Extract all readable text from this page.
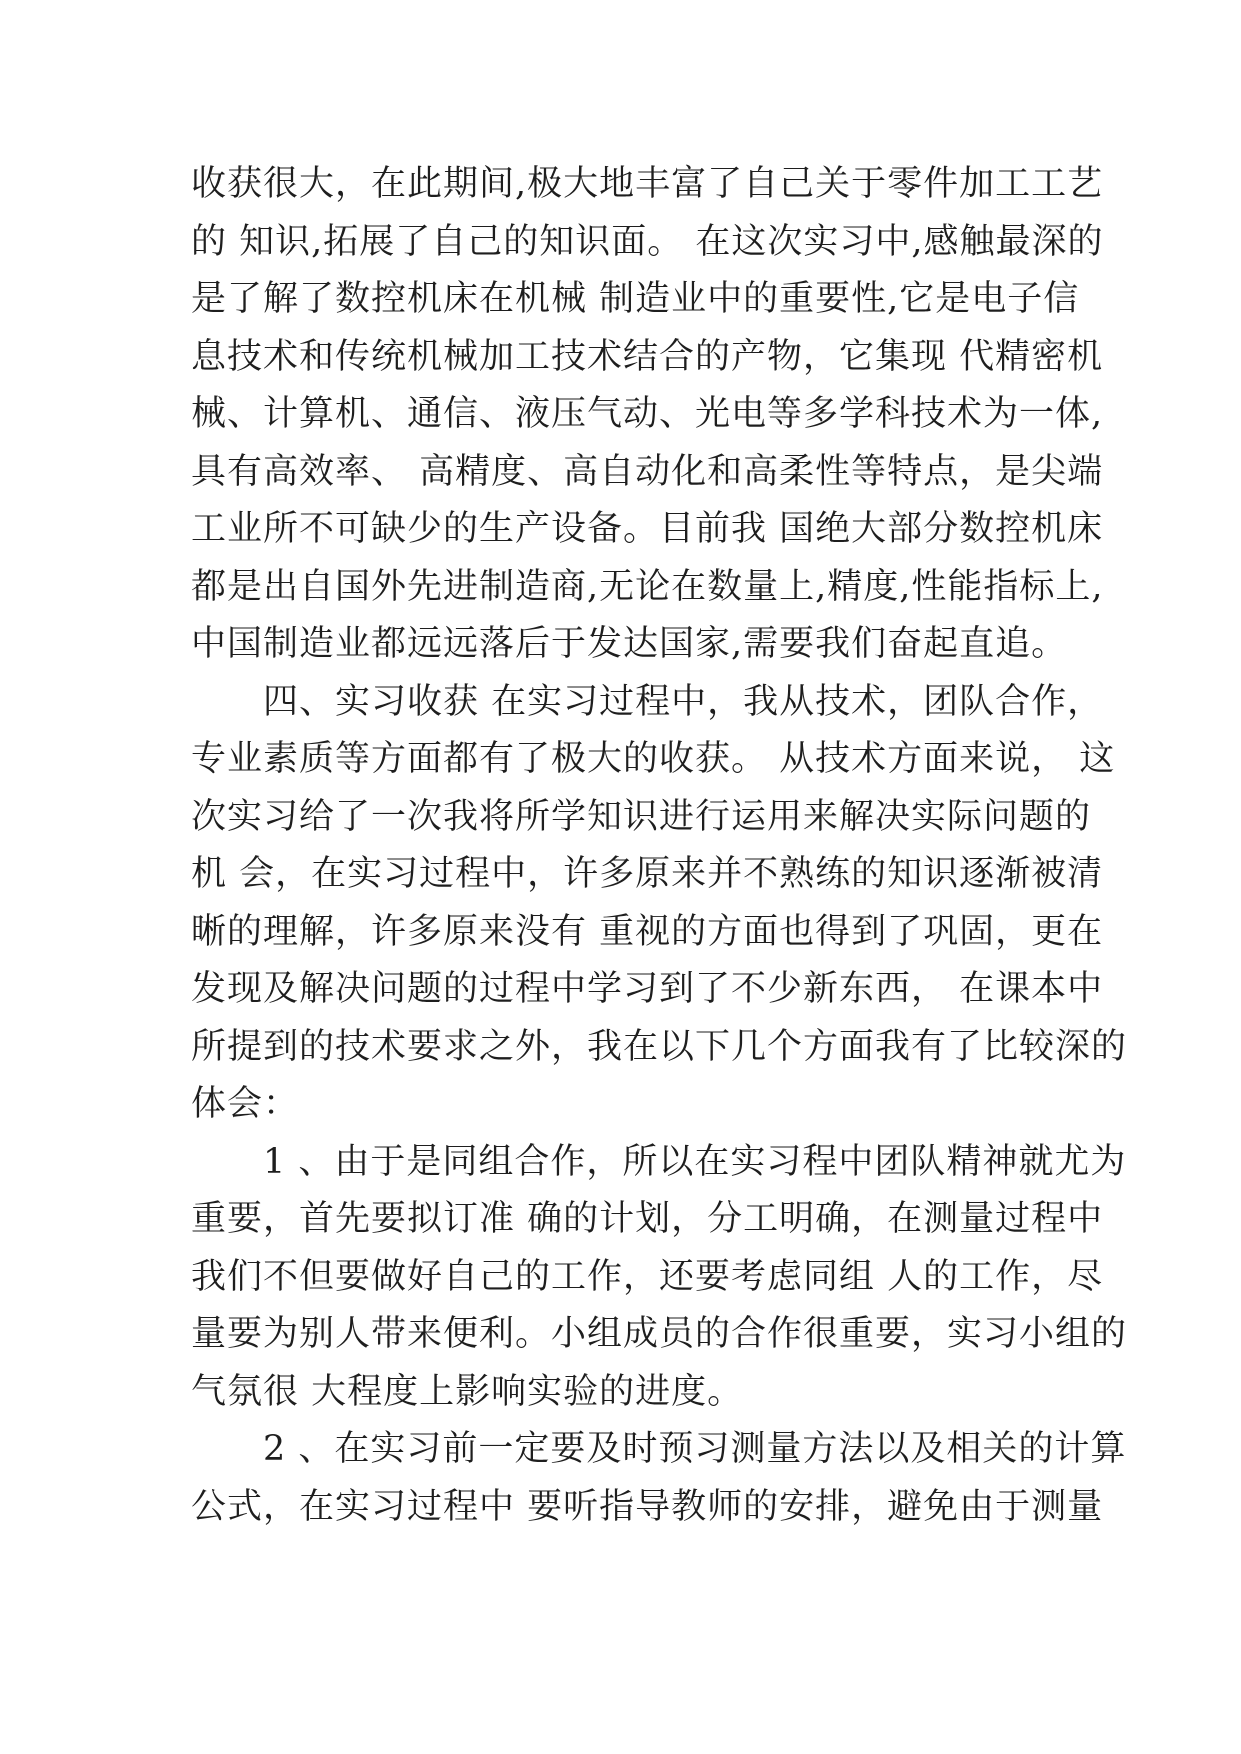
收获很大，在此期间,极大地丰富了自己关于零件加工工艺
的 知识,拓展了自己的知识面。 在这次实习中,感触最深的
是了解了数控机床在机械 制造业中的重要性,它是电子信
息技术和传统机械加工技术结合的产物，它集现 代精密机
械、计算机、通信、液压气动、光电等多学科技术为一体,
具有高效率、 高精度、高自动化和高柔性等特点，是尖端
工业所不可缺少的生产设备。目前我 国绝大部分数控机床
都是出自国外先进制造商,无论在数量上,精度,性能指标上,
中国制造业都远远落后于发达国家,需要我们奋起直追。
四、实习收获 在实习过程中，我从技术，团队合作，
专业素质等方面都有了极大的收获。 从技术方面来说， 这
次实习给了一次我将所学知识进行运用来解决实际问题的
机 会，在实习过程中，许多原来并不熟练的知识逐渐被清
晰的理解，许多原来没有 重视的方面也得到了巩固，更在
发现及解决问题的过程中学习到了不少新东西， 在课本中
所提到的技术要求之外，我在以下几个方面我有了比较深的
体会：
1 、由于是同组合作，所以在实习程中团队精神就尤为
重要，首先要拟订准 确的计划，分工明确，在测量过程中
我们不但要做好自己的工作，还要考虑同组 人的工作，尽
量要为别人带来便利。小组成员的合作很重要，实习小组的
气氛很 大程度上影响实验的进度。
2 、在实习前一定要及时预习测量方法以及相关的计算
公式，在实习过程中 要听指导教师的安排，避免由于测量
